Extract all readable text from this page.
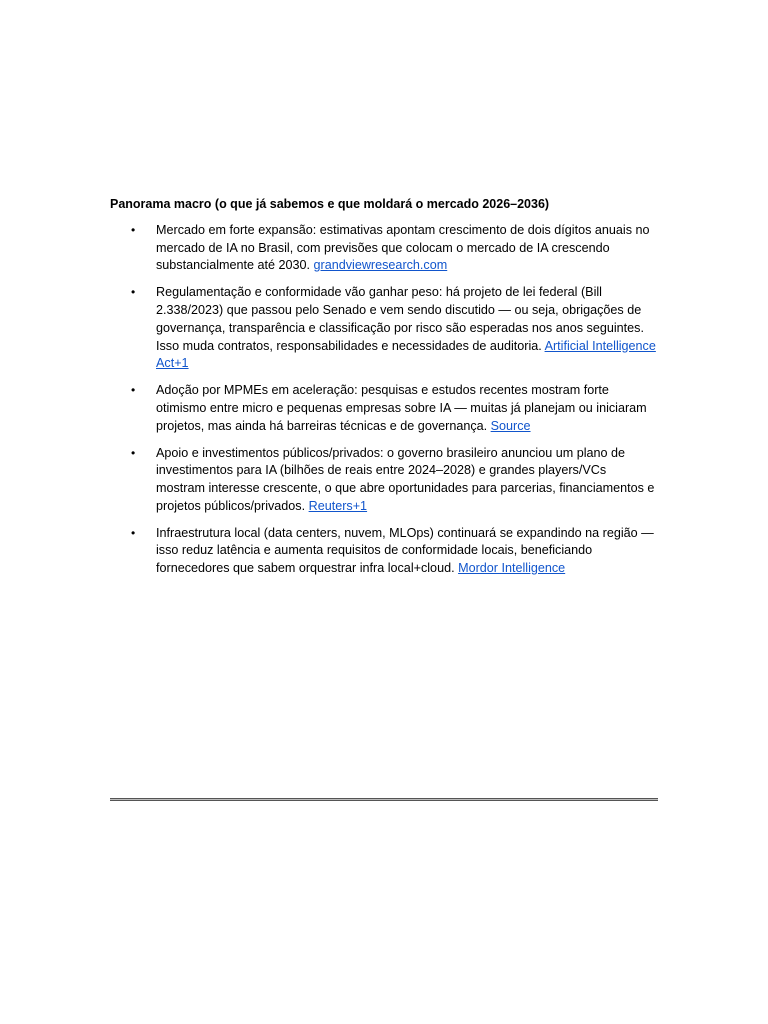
Panorama macro (o que já sabemos e que moldará o mercado 2026–2036)
• Mercado em forte expansão: estimativas apontam crescimento de dois dígitos anuais no mercado de IA no Brasil, com previsões que colocam o mercado de IA crescendo substancialmente até 2030. grandviewresearch.com
• Regulamentação e conformidade vão ganhar peso: há projeto de lei federal (Bill 2.338/2023) que passou pelo Senado e vem sendo discutido — ou seja, obrigações de governança, transparência e classificação por risco são esperadas nos anos seguintes. Isso muda contratos, responsabilidades e necessidades de auditoria. Artificial Intelligence Act+1
• Adoção por MPMEs em aceleração: pesquisas e estudos recentes mostram forte otimismo entre micro e pequenas empresas sobre IA — muitas já planejam ou iniciaram projetos, mas ainda há barreiras técnicas e de governança. Source
• Apoio e investimentos públicos/privados: o governo brasileiro anunciou um plano de investimentos para IA (bilhões de reais entre 2024–2028) e grandes players/VCs mostram interesse crescente, o que abre oportunidades para parcerias, financiamentos e projetos públicos/privados. Reuters+1
• Infraestrutura local (data centers, nuvem, MLOps) continuará se expandindo na região — isso reduz latência e aumenta requisitos de conformidade locais, beneficiando fornecedores que sabem orquestrar infra local+cloud. Mordor Intelligence
